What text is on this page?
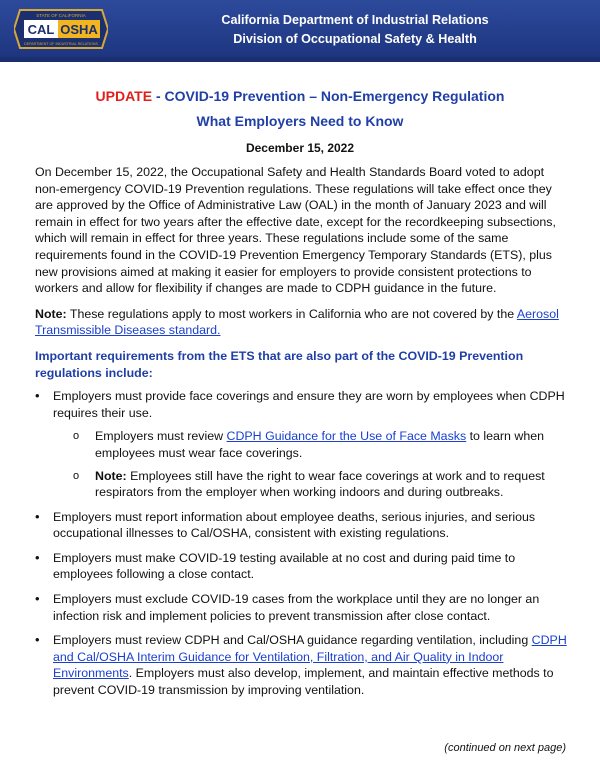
CAL OSHA
STATE OF CALIFORNIA
DEPARTMENT OF INDUSTRIAL RELATIONS
California Department of Industrial Relations
Division of Occupational Safety & Health
UPDATE - COVID-19 Prevention – Non-Emergency Regulation
What Employers Need to Know
December 15, 2022

On December 15, 2022, the Occupational Safety and Health Standards Board voted to adopt non-emergency COVID-19 Prevention regulations. These regulations will take effect once they are approved by the Office of Administrative Law (OAL) in the month of January 2023 and will remain in effect for two years after the effective date, except for the recordkeeping subsections, which will remain in effect for three years. These regulations include some of the same requirements found in the COVID-19 Prevention Emergency Temporary Standards (ETS), plus new provisions aimed at making it easier for employers to provide consistent protections to workers and allow for flexibility if changes are made to CDPH guidance in the future.

Note: These regulations apply to most workers in California who are not covered by the Aerosol Transmissible Diseases standard.

Important requirements from the ETS that are also part of the COVID-19 Prevention regulations include:

• Employers must provide face coverings and ensure they are worn by employees when CDPH requires their use.
o Employers must review CDPH Guidance for the Use of Face Masks to learn when employees must wear face coverings.
o Note: Employees still have the right to wear face coverings at work and to request respirators from the employer when working indoors and during outbreaks.
• Employers must report information about employee deaths, serious injuries, and serious occupational illnesses to Cal/OSHA, consistent with existing regulations.
• Employers must make COVID-19 testing available at no cost and during paid time to employees following a close contact.
• Employers must exclude COVID-19 cases from the workplace until they are no longer an infection risk and implement policies to prevent transmission after close contact.
• Employers must review CDPH and Cal/OSHA guidance regarding ventilation, including CDPH and Cal/OSHA Interim Guidance for Ventilation, Filtration, and Air Quality in Indoor Environments. Employers must also develop, implement, and maintain effective methods to prevent COVID-19 transmission by improving ventilation.
(continued on next page)
